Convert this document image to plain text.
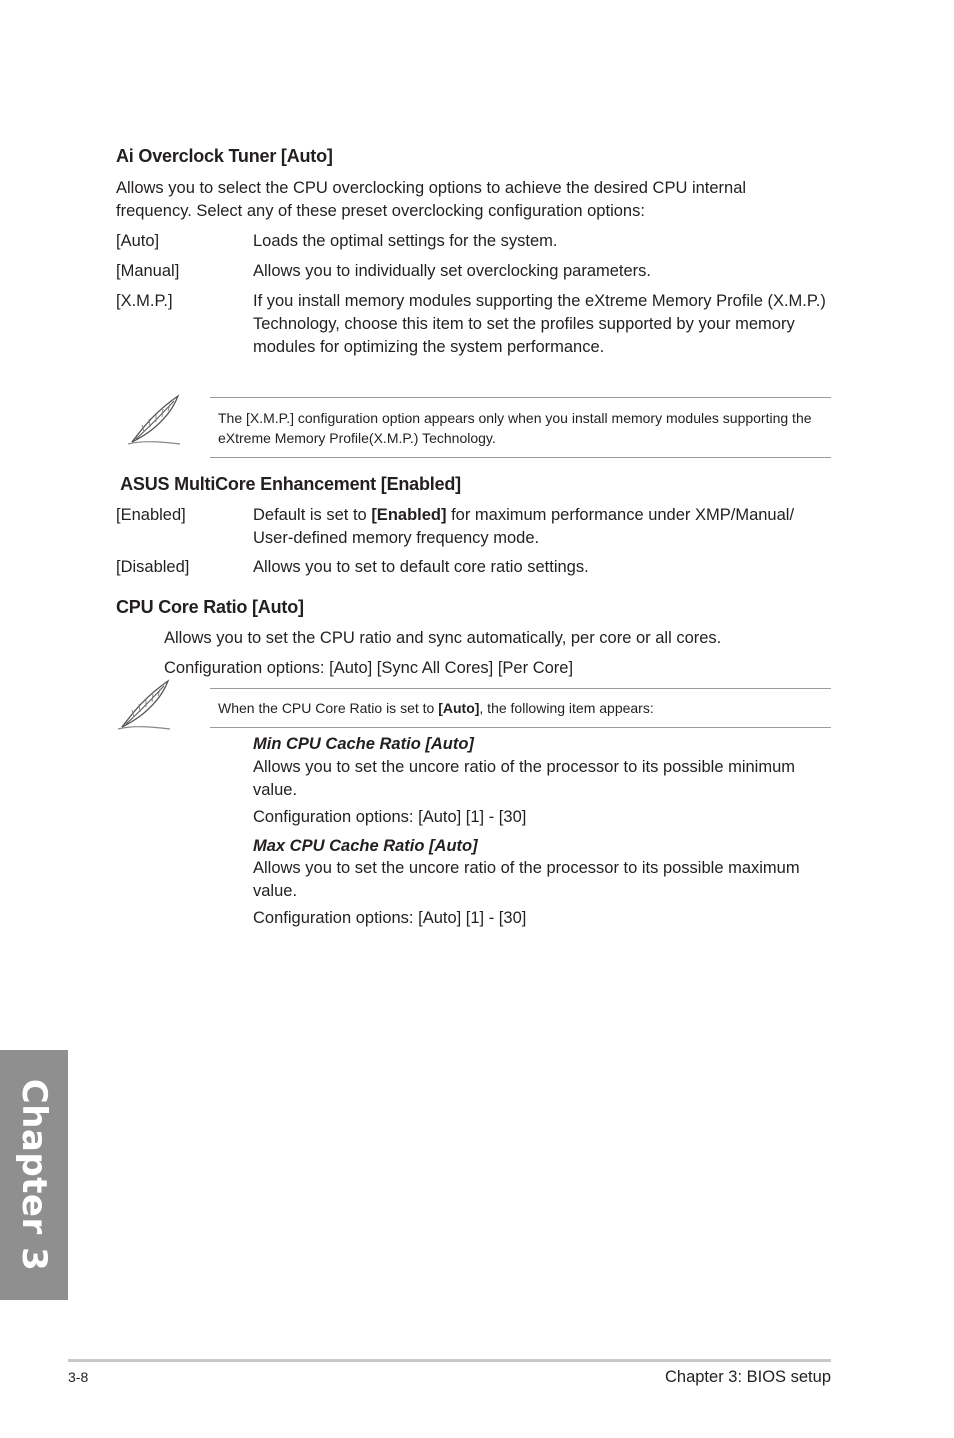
Ai Overclock Tuner [Auto]
Allows you to select the CPU overclocking options to achieve the desired CPU internal frequency. Select any of these preset overclocking configuration options:
[Auto]	Loads the optimal settings for the system.
[Manual]	Allows you to individually set overclocking parameters.
[X.M.P.]	If you install memory modules supporting the eXtreme Memory Profile (X.M.P.) Technology, choose this item to set the profiles supported by your memory modules for optimizing the system performance.
The [X.M.P.] configuration option appears only when you install memory modules supporting the eXtreme Memory Profile(X.M.P.) Technology.
ASUS MultiCore Enhancement [Enabled]
[Enabled]	Default is set to [Enabled] for maximum performance under XMP/Manual/ User-defined memory frequency mode.
[Disabled]	Allows you to set to default core ratio settings.
CPU Core Ratio [Auto]
Allows you to set the CPU ratio and sync automatically, per core or all cores.
Configuration options: [Auto] [Sync All Cores] [Per Core]
When the CPU Core Ratio is set to [Auto], the following item appears:
Min CPU Cache Ratio [Auto]
Allows you to set the uncore ratio of the processor to its possible minimum value.
Configuration options: [Auto] [1] - [30]
Max CPU Cache Ratio [Auto]
Allows you to set the uncore ratio of the processor to its possible maximum value.
Configuration options: [Auto] [1] - [30]
Chapter 3
3-8	Chapter 3: BIOS setup
